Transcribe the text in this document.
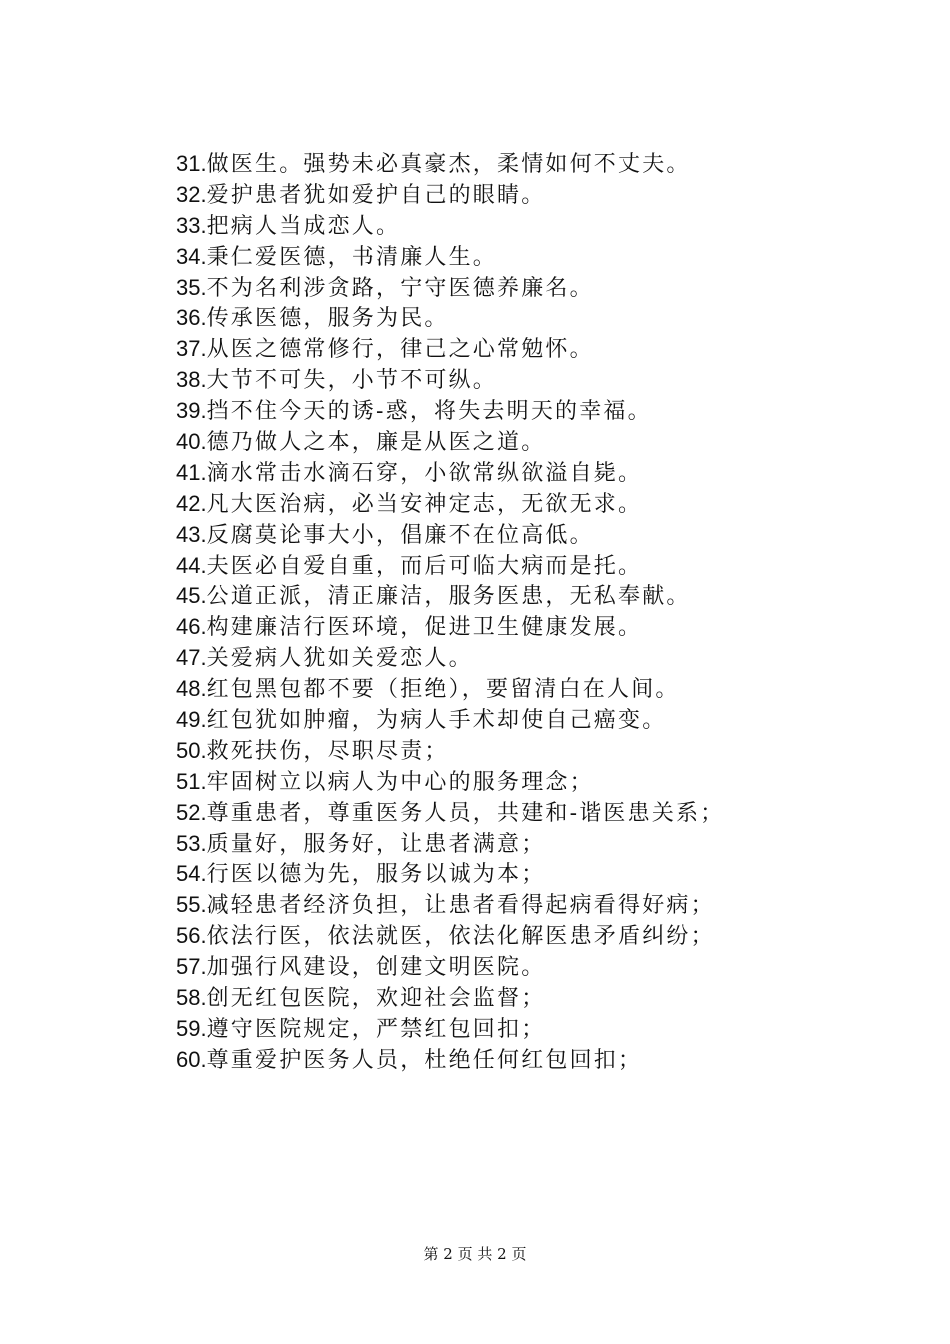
31.做医生。强势未必真豪杰，柔情如何不丈夫。
32.爱护患者犹如爱护自己的眼睛。
33.把病人当成恋人。
34.秉仁爱医德，书清廉人生。
35.不为名利涉贪路，宁守医德养廉名。
36.传承医德，服务为民。
37.从医之德常修行，律己之心常勉怀。
38.大节不可失，小节不可纵。
39.挡不住今天的诱-惑，将失去明天的幸福。
40.德乃做人之本，廉是从医之道。
41.滴水常击水滴石穿，小欲常纵欲溢自毙。
42.凡大医治病，必当安神定志，无欲无求。
43.反腐莫论事大小，倡廉不在位高低。
44.夫医必自爱自重，而后可临大病而是托。
45.公道正派，清正廉洁，服务医患，无私奉献。
46.构建廉洁行医环境，促进卫生健康发展。
47.关爱病人犹如关爱恋人。
48.红包黑包都不要（拒绝），要留清白在人间。
49.红包犹如肿瘤，为病人手术却使自己癌变。
50.救死扶伤，尽职尽责；
51.牢固树立以病人为中心的服务理念；
52.尊重患者，尊重医务人员，共建和-谐医患关系；
53.质量好，服务好，让患者满意；
54.行医以德为先，服务以诚为本；
55.减轻患者经济负担，让患者看得起病看得好病；
56.依法行医，依法就医，依法化解医患矛盾纠纷；
57.加强行风建设，创建文明医院。
58.创无红包医院，欢迎社会监督；
59.遵守医院规定，严禁红包回扣；
60.尊重爱护医务人员，杜绝任何红包回扣；
第 2 页 共 2 页
